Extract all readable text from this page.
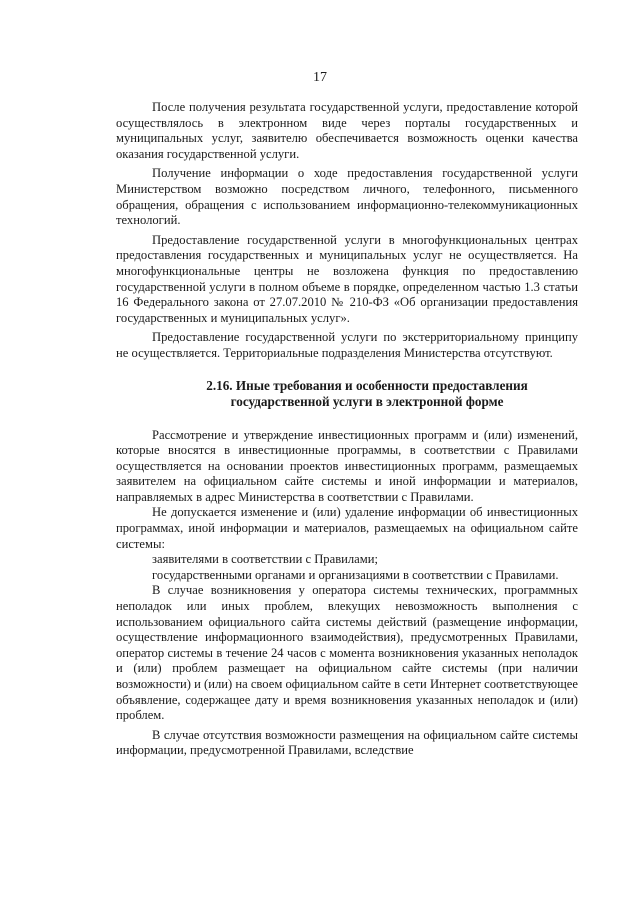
17

После получения результата государственной услуги, предоставление которой осуществлялось в электронном виде через порталы государственных и муниципальных услуг, заявителю обеспечивается возможность оценки качества оказания государственной услуги.

Получение информации о ходе предоставления государственной услуги Министерством возможно посредством личного, телефонного, письменного обращения, обращения с использованием информационно-телекоммуникационных технологий.

Предоставление государственной услуги в многофункциональных центрах предоставления государственных и муниципальных услуг не осуществляется. На многофункциональные центры не возложена функция по предоставлению государственной услуги в полном объеме в порядке, определенном частью 1.3 статьи 16 Федерального закона от 27.07.2010 № 210-ФЗ «Об организации предоставления государственных и муниципальных услуг».

Предоставление государственной услуги по экстерриториальному принципу не осуществляется. Территориальные подразделения Министерства отсутствуют.

2.16. Иные требования и особенности предоставления
государственной услуги в электронной форме

Рассмотрение и утверждение инвестиционных программ и (или) изменений, которые вносятся в инвестиционные программы, в соответствии с Правилами осуществляется на основании проектов инвестиционных программ, размещаемых заявителем на официальном сайте системы и иной информации и материалов, направляемых в адрес Министерства в соответствии с Правилами.

Не допускается изменение и (или) удаление информации об инвестиционных программах, иной информации и материалов, размещаемых на официальном сайте системы:

заявителями в соответствии с Правилами;

государственными органами и организациями в соответствии с Правилами.

В случае возникновения у оператора системы технических, программных неполадок или иных проблем, влекущих невозможность выполнения с использованием официального сайта системы действий (размещение информации, осуществление информационного взаимодействия), предусмотренных Правилами, оператор системы в течение 24 часов с момента возникновения указанных неполадок и (или) проблем размещает на официальном сайте системы (при наличии возможности) и (или) на своем официальном сайте в сети Интернет соответствующее объявление, содержащее дату и время возникновения указанных неполадок и (или) проблем.

В случае отсутствия возможности размещения на официальном сайте системы информации, предусмотренной Правилами, вследствие
